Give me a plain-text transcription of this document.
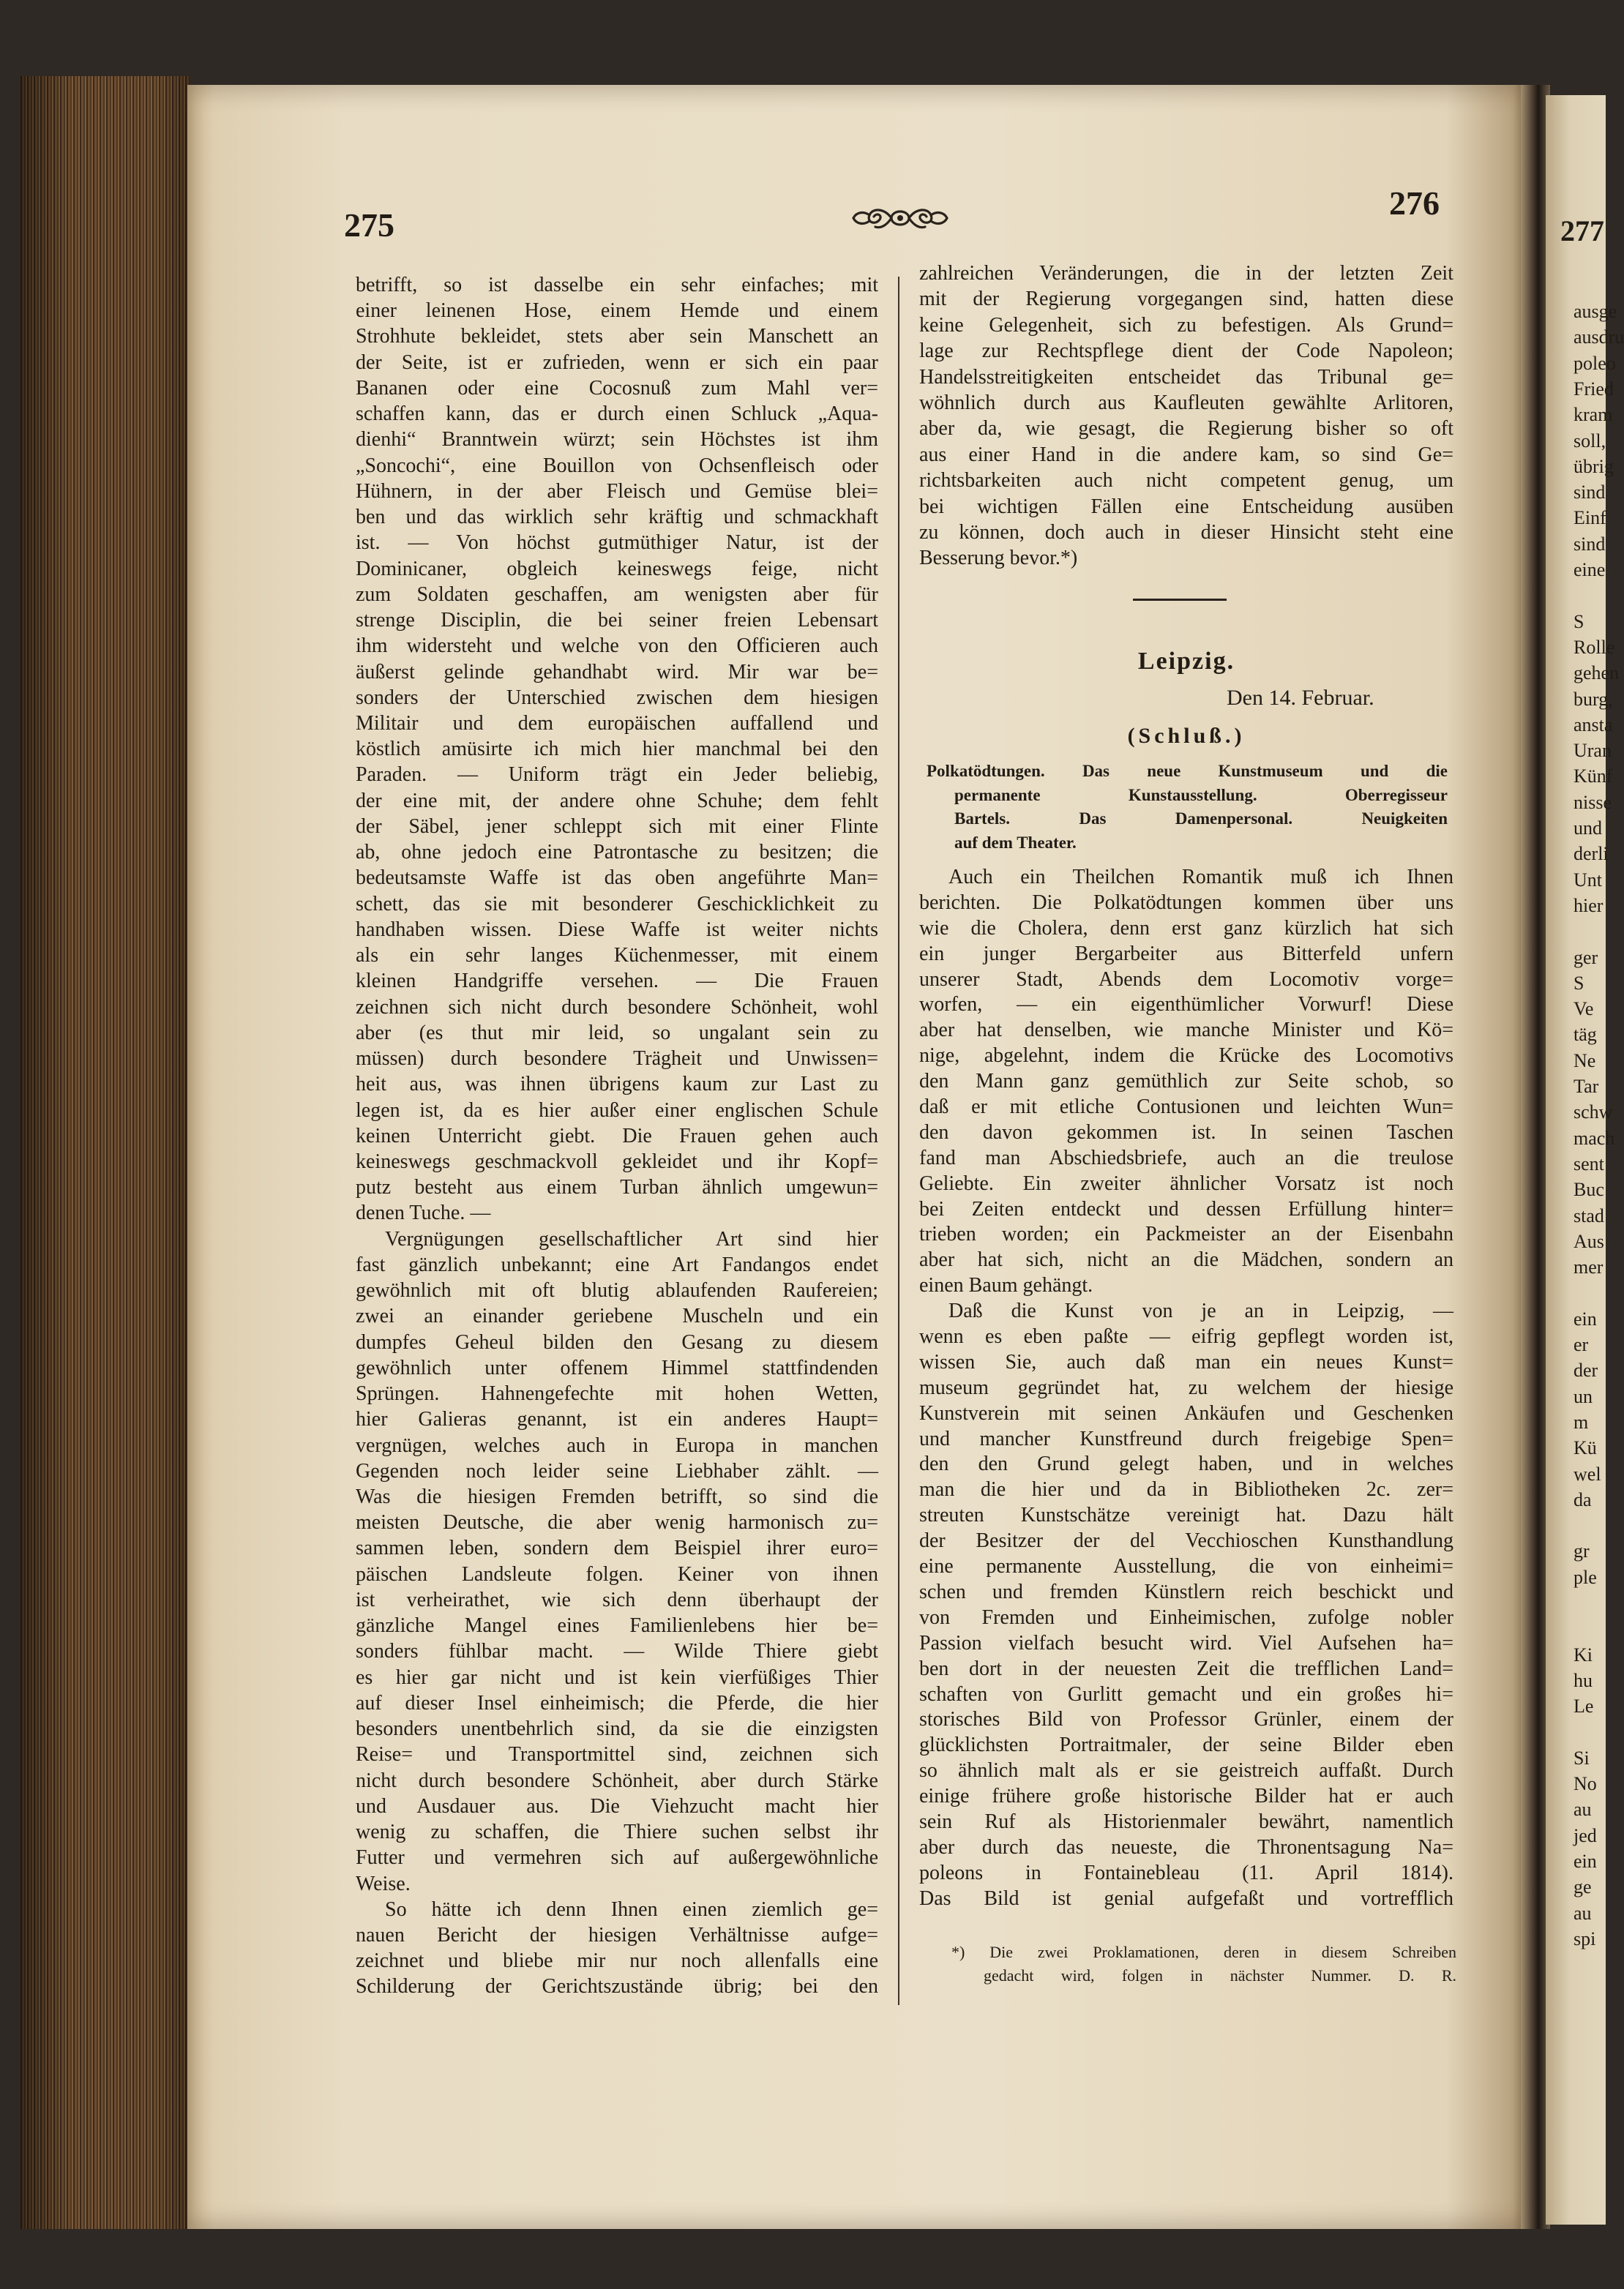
277
ausge
ausdru
poleo
Fried
kram
soll,
übrig
sind
Einf
sind
eine
S
Rolle
gehen
burg,
ansta
Uran
Künf
nisse
und
derli
Unt
hier
ger
S
Ve
täg
Ne
Tar
schw
mach
sent
Buc
stad
Aus
mer
ein
er
der
un
m
Kü
wel
da
gr
ple
Ki
hu
Le
Si
No
au
jed
ein
ge
au
spi
275
276
betrifft, so ist dasselbe ein sehr einfaches; mit
einer leinenen Hose, einem Hemde und einem
Strohhute bekleidet, stets aber sein Manschett an
der Seite, ist er zufrieden, wenn er sich ein paar
Bananen oder eine Cocosnuß zum Mahl ver=
schaffen kann, das er durch einen Schluck „Aqua-
dienhi“ Branntwein würzt; sein Höchstes ist ihm
„Soncochi“, eine Bouillon von Ochsenfleisch oder
Hühnern, in der aber Fleisch und Gemüse blei=
ben und das wirklich sehr kräftig und schmackhaft
ist. — Von höchst gutmüthiger Natur, ist der
Dominicaner, obgleich keineswegs feige, nicht
zum Soldaten geschaffen, am wenigsten aber für
strenge Disciplin, die bei seiner freien Lebensart
ihm widersteht und welche von den Officieren auch
äußerst gelinde gehandhabt wird. Mir war be=
sonders der Unterschied zwischen dem hiesigen
Militair und dem europäischen auffallend und
köstlich amüsirte ich mich hier manchmal bei den
Paraden. — Uniform trägt ein Jeder beliebig,
der eine mit, der andere ohne Schuhe; dem fehlt
der Säbel, jener schleppt sich mit einer Flinte
ab, ohne jedoch eine Patrontasche zu besitzen; die
bedeutsamste Waffe ist das oben angeführte Man=
schett, das sie mit besonderer Geschicklichkeit zu
handhaben wissen. Diese Waffe ist weiter nichts
als ein sehr langes Küchenmesser, mit einem
kleinen Handgriffe versehen. — Die Frauen
zeichnen sich nicht durch besondere Schönheit, wohl
aber (es thut mir leid, so ungalant sein zu
müssen) durch besondere Trägheit und Unwissen=
heit aus, was ihnen übrigens kaum zur Last zu
legen ist, da es hier außer einer englischen Schule
keinen Unterricht giebt. Die Frauen gehen auch
keineswegs geschmackvoll gekleidet und ihr Kopf=
putz besteht aus einem Turban ähnlich umgewun=
denen Tuche. —
Vergnügungen gesellschaftlicher Art sind hier
fast gänzlich unbekannt; eine Art Fandangos endet
gewöhnlich mit oft blutig ablaufenden Raufereien;
zwei an einander geriebene Muscheln und ein
dumpfes Geheul bilden den Gesang zu diesem
gewöhnlich unter offenem Himmel stattfindenden
Sprüngen. Hahnengefechte mit hohen Wetten,
hier Galieras genannt, ist ein anderes Haupt=
vergnügen, welches auch in Europa in manchen
Gegenden noch leider seine Liebhaber zählt. —
Was die hiesigen Fremden betrifft, so sind die
meisten Deutsche, die aber wenig harmonisch zu=
sammen leben, sondern dem Beispiel ihrer euro=
päischen Landsleute folgen. Keiner von ihnen
ist verheirathet, wie sich denn überhaupt der
gänzliche Mangel eines Familienlebens hier be=
sonders fühlbar macht. — Wilde Thiere giebt
es hier gar nicht und ist kein vierfüßiges Thier
auf dieser Insel einheimisch; die Pferde, die hier
besonders unentbehrlich sind, da sie die einzigsten
Reise= und Transportmittel sind, zeichnen sich
nicht durch besondere Schönheit, aber durch Stärke
und Ausdauer aus. Die Viehzucht macht hier
wenig zu schaffen, die Thiere suchen selbst ihr
Futter und vermehren sich auf außergewöhnliche
Weise.
So hätte ich denn Ihnen einen ziemlich ge=
nauen Bericht der hiesigen Verhältnisse aufge=
zeichnet und bliebe mir nur noch allenfalls eine
Schilderung der Gerichtszustände übrig; bei den
zahlreichen Veränderungen, die in der letzten Zeit
mit der Regierung vorgegangen sind, hatten diese
keine Gelegenheit, sich zu befestigen. Als Grund=
lage zur Rechtspflege dient der Code Napoleon;
Handelsstreitigkeiten entscheidet das Tribunal ge=
wöhnlich durch aus Kaufleuten gewählte Arlitoren,
aber da, wie gesagt, die Regierung bisher so oft
aus einer Hand in die andere kam, so sind Ge=
richtsbarkeiten auch nicht competent genug, um
bei wichtigen Fällen eine Entscheidung ausüben
zu können, doch auch in dieser Hinsicht steht eine
Besserung bevor.*)
Leipzig.
Den 14. Februar.
(Schluß.)
Polkatödtungen. Das neue Kunstmuseum und die
permanente Kunstausstellung. Oberregisseur
Bartels. Das Damenpersonal. Neuigkeiten
auf dem Theater.
Auch ein Theilchen Romantik muß ich Ihnen
berichten. Die Polkatödtungen kommen über uns
wie die Cholera, denn erst ganz kürzlich hat sich
ein junger Bergarbeiter aus Bitterfeld unfern
unserer Stadt, Abends dem Locomotiv vorge=
worfen, — ein eigenthümlicher Vorwurf! Diese
aber hat denselben, wie manche Minister und Kö=
nige, abgelehnt, indem die Krücke des Locomotivs
den Mann ganz gemüthlich zur Seite schob, so
daß er mit etliche Contusionen und leichten Wun=
den davon gekommen ist. In seinen Taschen
fand man Abschiedsbriefe, auch an die treulose
Geliebte. Ein zweiter ähnlicher Vorsatz ist noch
bei Zeiten entdeckt und dessen Erfüllung hinter=
trieben worden; ein Packmeister an der Eisenbahn
aber hat sich, nicht an die Mädchen, sondern an
einen Baum gehängt.
Daß die Kunst von je an in Leipzig, —
wenn es eben paßte — eifrig gepflegt worden ist,
wissen Sie, auch daß man ein neues Kunst=
museum gegründet hat, zu welchem der hiesige
Kunstverein mit seinen Ankäufen und Geschenken
und mancher Kunstfreund durch freigebige Spen=
den den Grund gelegt haben, und in welches
man die hier und da in Bibliotheken 2c. zer=
streuten Kunstschätze vereinigt hat. Dazu hält
der Besitzer der del Vecchioschen Kunsthandlung
eine permanente Ausstellung, die von einheimi=
schen und fremden Künstlern reich beschickt und
von Fremden und Einheimischen, zufolge nobler
Passion vielfach besucht wird. Viel Aufsehen ha=
ben dort in der neuesten Zeit die trefflichen Land=
schaften von Gurlitt gemacht und ein großes hi=
storisches Bild von Professor Grünler, einem der
glücklichsten Portraitmaler, der seine Bilder eben
so ähnlich malt als er sie geistreich auffaßt. Durch
einige frühere große historische Bilder hat er auch
sein Ruf als Historienmaler bewährt, namentlich
aber durch das neueste, die Thronentsagung Na=
poleons in Fontainebleau (11. April 1814).
Das Bild ist genial aufgefaßt und vortrefflich
*) Die zwei Proklamationen, deren in diesem Schreiben
gedacht wird, folgen in nächster Nummer. D. R.
